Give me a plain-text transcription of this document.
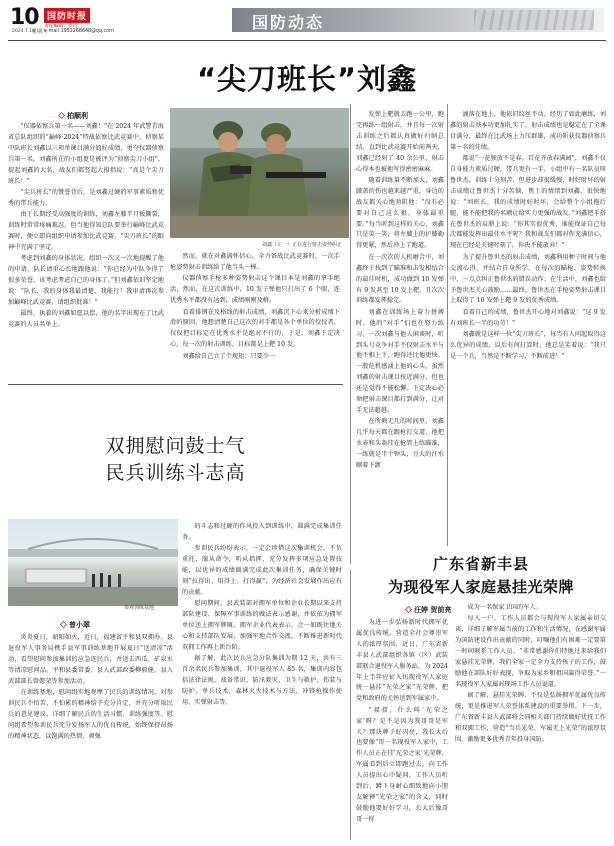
10
2024.7.10
星期三
国防时报
责任编辑：罗巧
e-mail:1952268648@qq.com	国防动态
“尖刀班长”刘鑫
柏顺利
刘鑫（左一）正在进行射击姿势纠正

“仪器依察兵第一名——刘鑫！”在 2024 年武警青海省总队组织的“巅峰·2024”特战依察比武竞赛中，侦察某中队班长刘鑫以三项单课目满分的好成绩，勇夺仪器侦察兵第一名，刘鑫所在的小组更是被评为“侦察尖刀小组”。提起刘鑫的大名，战友们都竖起大拇指说：“真是个尖刀班长！”

“尖兵班长”的赞誉背后，是刘鑫过硬的军事素质和优秀的带兵能力。

由于长期经受高强度的训练，刘鑫左膝半月板撕裂，训练时常常疼痛难忍，但当他得知总队要举行巅峰比武竞赛时，便立即向组织申请参加比武竞赛。“尖刀班长”的眼神中充满了坚定。

考虑到刘鑫的身体状况，组织一次又一次地提醒了他的申请，队长请重心长地跟他说：“你已经为中队争得了很多荣誉，该考虑考虑自己的身体了。”但刘鑫依旧坚定地说：“队长，我的身体我最清楚，我能行！我申请再次参加巅峰比武竞赛，请组织批准！”

最终，执着的刘鑫如愿以偿，他的名字出现在了比武竞赛的人员名单上。

然而，就在对鑫满怀信心、全力备战比武竞赛时，一次手枪姿势射击训练给了他当头一棒。

仪器侦察手枪多种姿势射击这个课目本是刘鑫的拿手绝活，然而，在这次训练中，10 发子弹他只打出了 6 个眼，连优秀水平都没有达到，成绩刚刚及格。

看着排钢在及格线的射击成绩，刘鑫沉下心来分析成绩下滑的原因，他想清楚自己这次的对手都是各个单位的佼佼者，仅仅把目标定在优秀水平是绝对不行的，于是，刘鑫下定决心，每一次的射击训练，目标都是上靶 10 发。

刘鑫给自己立了个规矩：只要少一

发弹上靶就去跑一公里，跑完再练一组射击，并且每一次射击训练之后都认真做好归纳总结，直到比武竞赛开始前两天，刘鑫已经射了 40 余公里，射击心得本也被他写得密密麻麻。

随着训练量不断加大，刘鑫膝盖的伤也越来越严重，身边的战友都关心地劝阻他：“没有必要对自己这么狠，身体最重要。”每当听到这样的关心，刘鑫只是笑一笑，将左膝上的护膝勒得更紧，然后冲上了跑道。

在一次次的人机磨合中，刘鑫终于找到了瞄准和击发相结合的最佳时机，成功做到 10 发弹有 9 发甚至 10 发上靶，且次次训练都发挥稳定。

刘鑫在训练场上奋力拼搏时，他的“对手”们也在努力练习，一次刘鑫与他人闲谈时，听到头号竞争对手不仅射击水平与他不相上下，跑得还比他更快。一股危机感涌上他的心头，虽然刘鑫的射击课目按近满分，但也还是觉得不能松懈。下定决心必须把射击课目都打到满分，让对手无法超越。

在所剩无几的时间里，刘鑫几乎每天都在跟枪打交道，他把水壶和头盔挂在枪管上练瞄准，一练就是半个钟头，豆大的汗水顺着下颌

滴落在地上，他依旧纹丝不动。经历了如此磨练，刘鑫的射击基本功更加扎实了，射击成绩也是稳定在了全课目满分，最终在比武场上力压群雄，成功斩获仪器侦察兵第一名的佳绩。

都说“一花独放不是春，百花齐放春满园”，刘鑫不仅自身能力素质过硬，带兵更有一手。小组中有一名队员叫鲁世杰，训练十分刻苦，但进步却很缓慢，时好时坏的射击成绩让鲁世杰十分苦恼，焦土的情绪到刘鑫，很快地说：“刘班长，我的成绩时好时坏，会给整个小组拖后腿，能不能把我的名额让给实力更强的战友。”刘鑫把手搭在鲁世杰的肩膀上说：“你其实很优秀，谁能保证自己每次都能发挥出最佳水平呢？我和战友们都对你充满信心，现在已经是关键时刻了，你决不能放弃！”

为了提升鲁世杰的射击成绩，刘鑫利用种子时间与他交流心得，并结合自身所学，在每次的瞄枪、姿势转换中，一点点纠正鲁世杰的错误动作；在生活中，刘鑫也给予鲁世杰关心鼓励……最终，鲁世杰在手枪姿势射击课目上取得了 10 发弹上靶 9 发的优秀成绩。

看着自己的成绩，鲁世杰开心地对刘鑫说：“这 9 发有刘班长一半的功劳！”

刘鑫就是这样一位“尖刀班长”，每当有人问起取得这么优异的成绩，以后有何打算时，他总是笑着说：“我只是一个兵，当然是不断学习，不断前进！”

双拥慰问鼓士气
民兵训练斗志高
参观训练基地
曾小翠

炎炎夏日，韶阳如火，近日，福建省平和县双拥办、县退役军人事务局携手县军事训练基地开展夏日“送清凉”活动，看望慰问参加集训的应急连民兵，并送去西瓜、矿泉水等清凉慰问品。平和县委常委、县人武部政委柳毅健，县人武部部长曾偲荣等参加活动。

在训练基地，慰问组实地观摩了民兵的训练情况，对参训民兵不怕苦、不怕累的精神给予充分肯定，并充分听取民兵的意见建议，详细了解民兵的生活习惯、训练强度等。慰问组希望参训民兵充分发扬军人的优良传统，始终保持昂扬的精神状态，以饱满的热情、顽强

的斗志和过硬的作风投入到训练中，圆满完成集训任务。

参训民兵纷纷表示，一定会珍惜这次集训机会，不负重托，服从命令，听从指挥，充分发挥多项应急处置技能，以优异的成绩圆满完成此次集训任务，确保关键时刻“拉得出、用得上、打得赢”，为经济社会发展作出应有的贡献。

慰问期间，县武装部对拥军单位和企业长期以来支持部队建设、保障军事训练的做法表示感谢，并依依为拥军单位送上拥军牌匾。拥军企业代表表示，会一如既往地关心和支持部队发展，加强军地合作交流，不断推进新时代双拥工作再上新台阶。

据了解，此次民兵应急分队集训为期 12 天，共有三百余名民兵参加集训，其中退役军人 85 名，集训内容包括法律法规、战备常识、防汛救灾、卫生与救护、伤装与防护、单兵技术、森林灭火技术与方法、冲锋枪操作使用、实弹射击等。

广东省新丰县
为现役军人家庭悬挂光荣牌
汪婷 贺前亮

为进一步弘扬新时代拥军优属优良传统，营造全社会尊崇军人的浓厚氛围，近日，广东省新丰县人武部组织各镇（区）武装部联合退役军人服务站，为 2024 年上半年应征入伍现役军人家庭统一悬挂“光荣之家”光荣牌，把党和政府的关怀送到军属家中。

“叔叔，什么叫‘光荣之家’呀？是不是因为我哥哥是军人？那块牌子好闪亮，我长大后也要像“哥一名现役军人家中，工作人员正在挂‘光荣之家’光荣牌，军属看到后立即跑过去，向工作人员提出心中疑问。工作人员听到后，蹲下身耐心细致地向小朋友解释“光荣之家”的含义，同时鼓励他要好好学习，长大后像哥哥一样

成为一名保家卫国的军人。

每入一户，工作人员都会与现役军人家属亲切交谈，详细了解军属当前的工作和生活情况，在感谢军属为国防建设作出贡献的同时，叮嘱他们有困难一定要第一时间联系工作人员。“非常感谢你们特地过来给我们家悬挂光荣牌，我们全家一定全力支持孩子的工作，鼓励他在部队好好表现，争取为家乡和祖国赢得荣誉。”一名现役军人家属对现场工作人员说道。

据了解，悬挂光荣牌，不仅是弘扬拥军优属优良传统，更是推进军人荣誉体系建设的重要举措。下一步，广东省新丰县人武部将会同相关部门持续做好优抚工作和双拥工作，营造“当兵光荣、军属无上光荣”的浓厚氛围，激励更多优秀青年投身国防。
